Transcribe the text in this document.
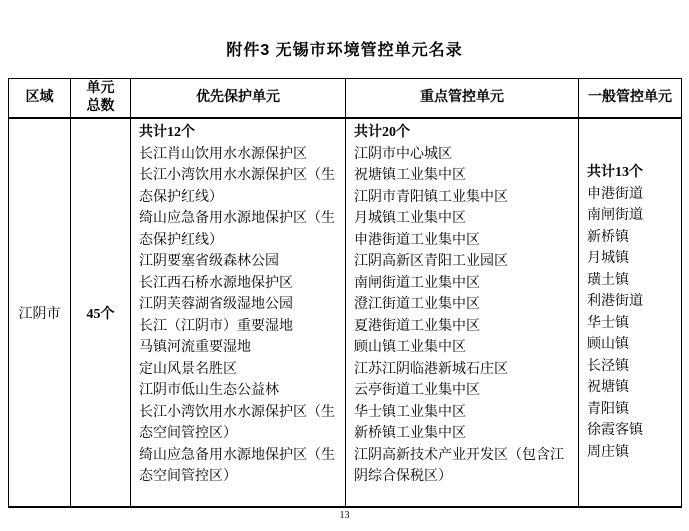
附件3 无锡市环境管控单元名录
区域
单元总数
优先保护单元	重点管控单元	一般管控单元
江阴市 45个
共计12个
长江肖山饮用水水源保护区
长江小湾饮用水水源保护区（生态保护红线）
绮山应急备用水源地保护区（生态保护红线）
江阴要塞省级森林公园
长江西石桥水源地保护区
江阴芙蓉湖省级湿地公园
长江（江阴市）重要湿地
马镇河流重要湿地
定山风景名胜区
江阴市低山生态公益林
长江小湾饮用水水源保护区（生态空间管控区）
绮山应急备用水源地保护区（生态空间管控区）
共计20个
江阴市中心城区
祝塘镇工业集中区
江阴市青阳镇工业集中区
月城镇工业集中区
申港街道工业集中区
江阴高新区青阳工业园区
南闸街道工业集中区
澄江街道工业集中区
夏港街道工业集中区
顾山镇工业集中区
江苏江阴临港新城石庄区
云亭街道工业集中区
华士镇工业集中区
新桥镇工业集中区
江阴高新技术产业开发区（包含江阴综合保税区）
共计13个
申港街道
南闸街道
新桥镇
月城镇
璜土镇
利港街道
华士镇
顾山镇
长泾镇
祝塘镇
青阳镇
徐霞客镇
周庄镇
13
